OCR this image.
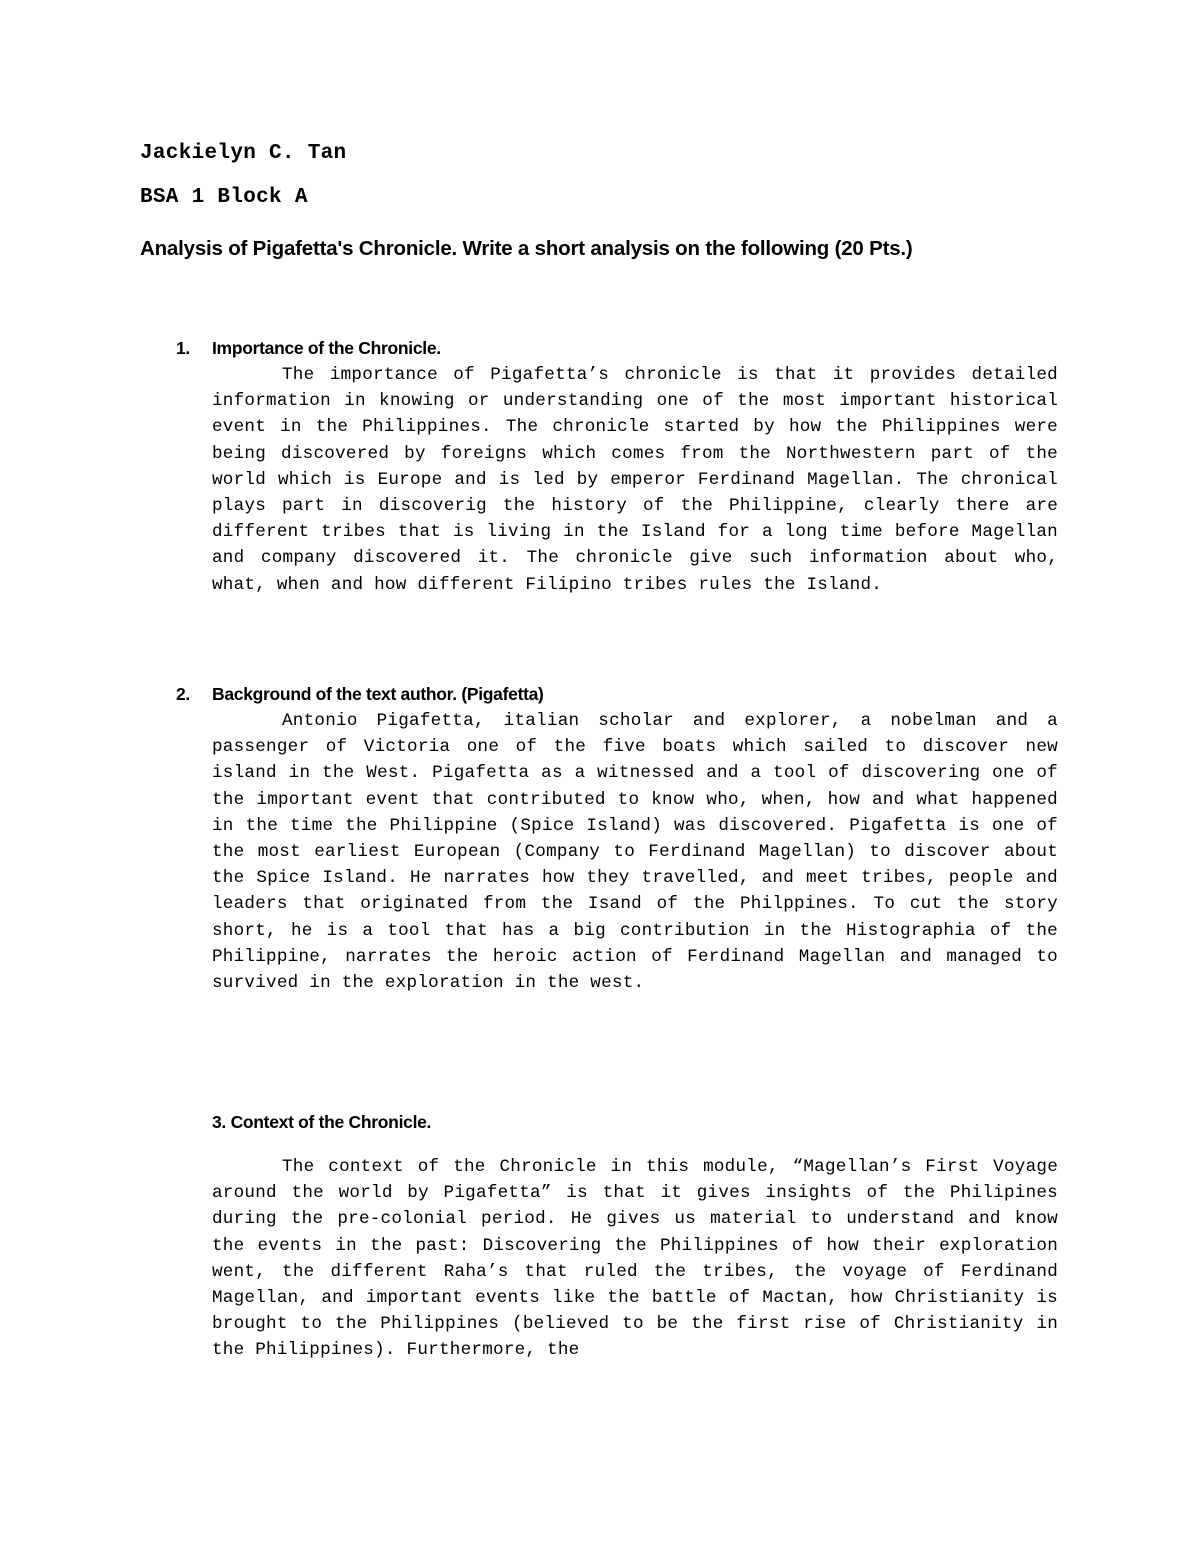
Jackielyn C. Tan

BSA 1 Block A

Analysis of Pigafetta's Chronicle. Write a short analysis on the following (20 Pts.)
1. Importance of the Chronicle.

The importance of Pigafetta’s chronicle is that it provides detailed information in knowing or understanding one of the most important historical event in the Philippines. The chronicle started by how the Philippines were being discovered by foreigns which comes from the Northwestern part of the world which is Europe and is led by emperor Ferdinand Magellan. The chronical plays part in discoverig the history of the Philippine, clearly there are different tribes that is living in the Island for a long time before Magellan and company discovered it. The chronicle give such information about who, what, when and how different Filipino tribes rules the Island.

2. Background of the text author. (Pigafetta)

Antonio Pigafetta, italian scholar and explorer, a nobelman and a passenger of Victoria one of the five boats which sailed to discover new island in the West. Pigafetta as a witnessed and a tool of discovering one of the important event that contributed to know who, when, how and what happened in the time the Philippine (Spice Island) was discovered. Pigafetta is one of the most earliest European (Company to Ferdinand Magellan) to discover about the Spice Island. He narrates how they travelled, and meet tribes, people and leaders that originated from the Isand of the Philppines. To cut the story short, he is a tool that has a big contribution in the Histographia of the Philippine, narrates the heroic action of Ferdinand Magellan and managed to survived in the exploration in the west.

3. Context of the Chronicle.

The context of the Chronicle in this module, “Magellan’s First Voyage around the world by Pigafetta” is that it gives insights of the Philipines during the pre-colonial period. He gives us material to understand and know the events in the past: Discovering the Philippines of how their exploration went, the different Raha’s that ruled the tribes, the voyage of Ferdinand Magellan, and important events like the battle of Mactan, how Christianity is brought to the Philippines (believed to be the first rise of Christianity in the Philippines). Furthermore, the
